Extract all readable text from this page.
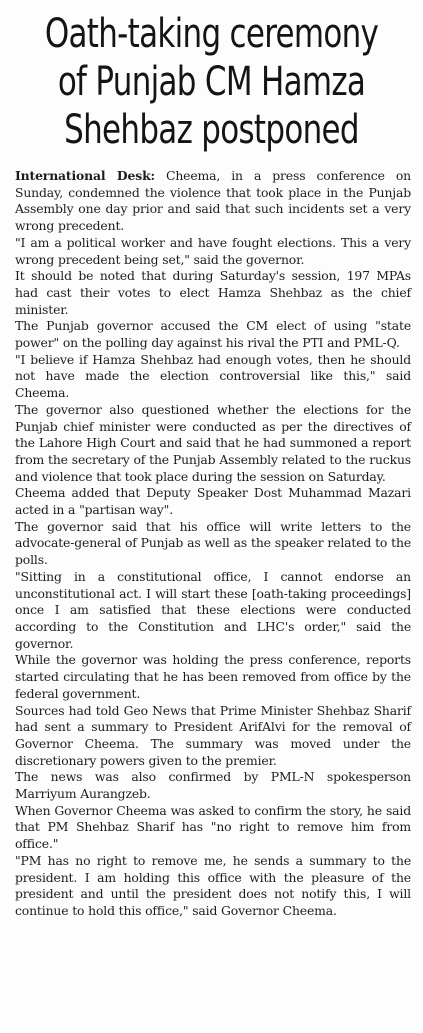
Oath-taking ceremony
of Punjab CM Hamza
Shehbaz postponed

International Desk: Cheema, in a press conference on Sunday, condemned the violence that took place in the Punjab Assembly one day prior and said that such incidents set a very wrong precedent.

"I am a political worker and have fought elections. This a very wrong precedent being set," said the governor.

It should be noted that during Saturday's session, 197 MPAs had cast their votes to elect Hamza Shehbaz as the chief minister.

The Punjab governor accused the CM elect of using "state power" on the polling day against his rival the PTI and PML-Q.

"I believe if Hamza Shehbaz had enough votes, then he should not have made the election controversial like this," said Cheema.

The governor also questioned whether the elections for the Punjab chief minister were conducted as per the directives of the Lahore High Court and said that he had summoned a report from the secretary of the Punjab Assembly related to the ruckus and violence that took place during the session on Saturday.

Cheema added that Deputy Speaker Dost Muhammad Mazari acted in a "partisan way".

The governor said that his office will write letters to the advocate-general of Punjab as well as the speaker related to the polls.

"Sitting in a constitutional office, I cannot endorse an unconstitutional act. I will start these [oath-taking proceedings] once I am satisfied that these elections were conducted according to the Constitution and LHC's order," said the governor.

While the governor was holding the press conference, reports started circulating that he has been removed from office by the federal government.

Sources had told Geo News that Prime Minister Shehbaz Sharif had sent a summary to President ArifAlvi for the removal of Governor Cheema. The summary was moved under the discretionary powers given to the premier.

The news was also confirmed by PML-N spokesperson Marriyum Aurangzeb.

When Governor Cheema was asked to confirm the story, he said that PM Shehbaz Sharif has "no right to remove him from office."

"PM has no right to remove me, he sends a summary to the president. I am holding this office with the pleasure of the president and until the president does not notify this, I will continue to hold this office," said Governor Cheema.
